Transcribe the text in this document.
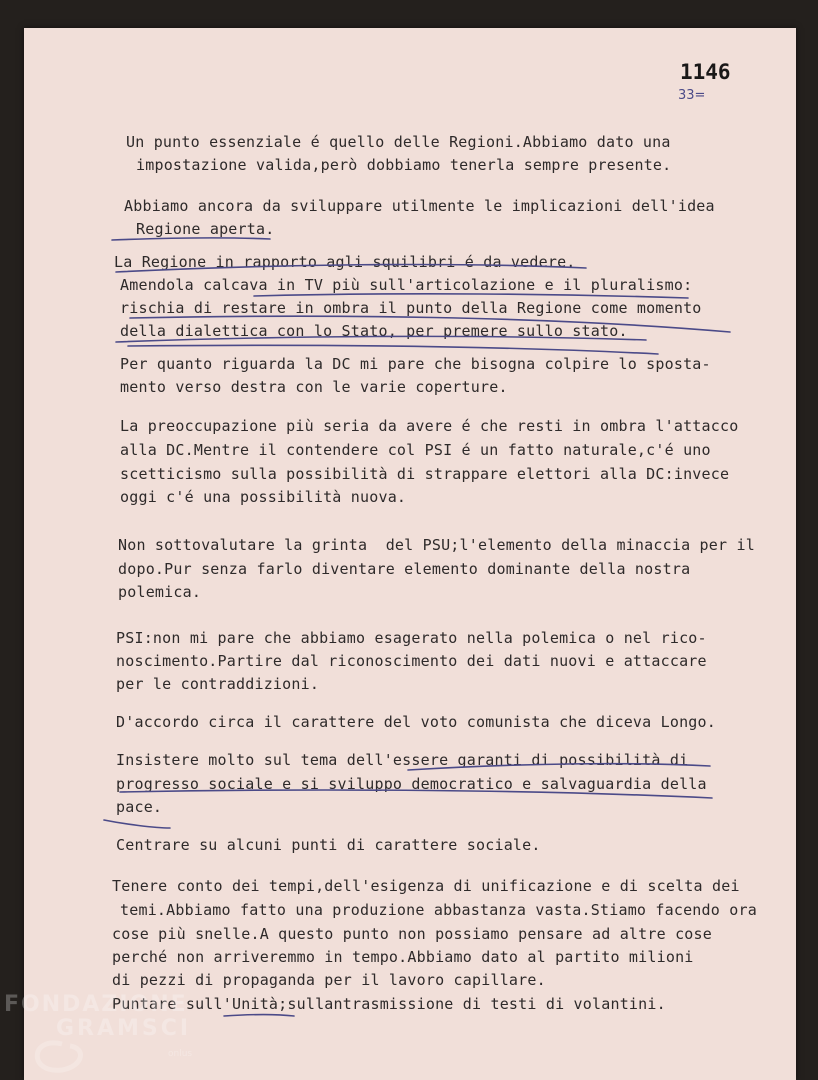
1146
33=
Un punto essenziale é quello delle Regioni.Abbiamo dato una
impostazione valida,però dobbiamo tenerla sempre presente.
Abbiamo ancora da sviluppare utilmente le implicazioni dell'idea
Regione aperta.
La Regione in rapporto agli squilibri é da vedere.
Amendola calcava in TV più sull'articolazione e il pluralismo:
rischia di restare in ombra il punto della Regione come momento
della dialettica con lo Stato, per premere sullo stato.
Per quanto riguarda la DC mi pare che bisogna colpire lo sposta-
mento verso destra con le varie coperture.
La preoccupazione più seria da avere é che resti in ombra l'attacco
alla DC.Mentre il contendere col PSI é un fatto naturale,c'é uno
scetticismo sulla possibilità di strappare elettori alla DC:invece
oggi c'é una possibilità nuova.
Non sottovalutare la grinta  del PSU;l'elemento della minaccia per il
dopo.Pur senza farlo diventare elemento dominante della nostra
polemica.
PSI:non mi pare che abbiamo esagerato nella polemica o nel rico-
noscimento.Partire dal riconoscimento dei dati nuovi e attaccare
per le contraddizioni.
D'accordo circa il carattere del voto comunista che diceva Longo.
Insistere molto sul tema dell'essere garanti di possibilità di
progresso sociale e si sviluppo democratico e salvaguardia della
pace.
Centrare su alcuni punti di carattere sociale.
Tenere conto dei tempi,dell'esigenza di unificazione e di scelta dei
temi.Abbiamo fatto una produzione abbastanza vasta.Stiamo facendo ora
cose più snelle.A questo punto non possiamo pensare ad altre cose
perché non arriveremmo in tempo.Abbiamo dato al partito milioni
di pezzi di propaganda per il lavoro capillare.
Puntare sull'Unità;sullantrasmissione di testi di volantini.
FONDAZIONE
GRAMSCI
onlus
